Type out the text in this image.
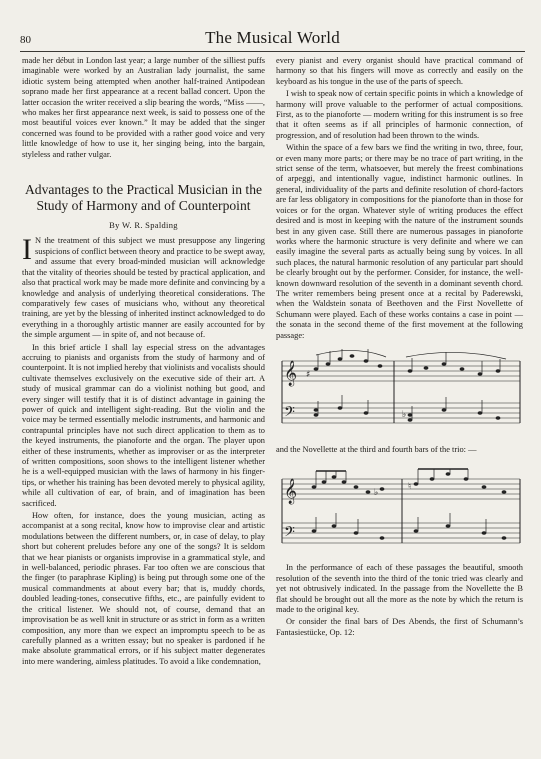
80	The Musical World

made her début in London last year; a large number of the silliest puffs imaginable were worked by an Australian lady journalist, the same idiotic system being attempted when another half-trained Antipodean soprano made her first appearance at a recent ballad concert. Upon the latter occasion the writer received a slip bearing the words, “Miss ——, who makes her first appearance next week, is said to possess one of the most beautiful voices ever known.” It may be added that the singer concerned was found to be provided with a rather good voice and very little knowledge of how to use it, her singing being, into the bargain, styleless and rather vulgar.

Advantages to the Practical Musician in the Study of Harmony and of Counterpoint
By W. R. Spalding

I N the treatment of this subject we must presuppose any lingering suspicions of conflict between theory and practice to be swept away, and assume that every broad-minded musician will acknowledge that the vitality of theories should be tested by practical application, and also that practical work may be made more definite and convincing by a knowledge and analysis of underlying theoretical considerations. The comparatively few cases of musicians who, without any theoretical training, are yet by the blessing of inherited instinct acknowledged to do everything in a thoroughly artistic manner are easily accounted for by the simple argument — in spite of, and not because of.

In this brief article I shall lay especial stress on the advantages accruing to pianists and organists from the study of harmony and of counterpoint. It is not implied hereby that violinists and vocalists should cultivate themselves exclusively on the executive side of their art. A study of musical grammar can do a violinist nothing but good, and every singer will testify that it is of distinct advantage in gaining the power of quick and intelligent sight-reading. But the violin and the voice may be termed essentially melodic instruments, and harmonic and contrapuntal principles have not such direct application to them as to the keyed instruments, the pianoforte and the organ. The player upon either of these instruments, whether as improviser or as the interpreter of written compositions, soon shows to the intelligent listener whether he is a well-equipped musician with the laws of harmony in his finger-tips, or whether his training has been devoted merely to physical agility, while all cultivation of ear, of brain, and of imagination has been sacrificed.

How often, for instance, does the young musician, acting as accompanist at a song recital, know how to improvise clear and artistic modulations between the different numbers, or, in case of delay, to play short but coherent preludes before any one of the songs? It is seldom that we hear pianists or organists improvise in a grammatical style, and in well-balanced, periodic phrases. Far too often we are conscious that the finger (to paraphrase Kipling) is being put through some one of the musical commandments at about every bar; that is, muddy chords, doubled leading-tones, consecutive fifths, etc., are painfully evident to the critical listener. We should not, of course, demand that an improvisation be as well knit in structure or as strict in form as a written composition, any more than we expect an impromptu speech to be as carefully planned as a written essay; but no speaker is pardoned if he make absolute grammatical errors, or if his subject matter degenerates into mere wandering, aimless platitudes. To avoid a like condemnation,

every pianist and every organist should have practical command of harmony so that his fingers will move as correctly and easily on the keyboard as his tongue in the use of the parts of speech.

I wish to speak now of certain specific points in which a knowledge of harmony will prove valuable to the performer of actual compositions. First, as to the pianoforte — modern writing for this instrument is so free that it often seems as if all principles of harmonic connection, of progression, and of resolution had been thrown to the winds.

Within the space of a few bars we find the writing in two, three, four, or even many more parts; or there may be no trace of part writing, in the strict sense of the term, whatsoever, but merely the freest combinations of arpeggi, and intentionally vague, indistinct harmonic outlines. In general, individuality of the parts and definite resolution of chord-factors are far less obligatory in compositions for the pianoforte than in those for voices or for the organ. Whatever style of writing produces the effect desired and is most in keeping with the nature of the instrument sounds best in any given case. Still there are numerous passages in pianoforte works where the harmonic structure is very definite and where we can easily imagine the several parts as actually being sung by voices. In all such places, the natural harmonic resolution of any particular part should be clearly brought out by the performer. Consider, for instance, the well-known downward resolution of the seventh in a dominant seventh chord. The writer remembers being present once at a recital by Paderewski, when the Waldstein sonata of Beethoven and the First Novellette of Schumann were played. Each of these works contains a case in point — the sonata in the second theme of the first movement at the following passage:

𝄞
𝄢
♯
♭

and the Novellette at the third and fourth bars of the trio: —

𝄞
𝄢
♭
♮

In the performance of each of these passages the beautiful, smooth resolution of the seventh into the third of the tonic tried was clearly and yet not obtrusively indicated. In the passage from the Novellette the B flat should be brought out all the more as the note by which the return is made to the original key.

Or consider the final bars of Des Abends, the first of Schumann’s Fantasiestücke, Op. 12:
